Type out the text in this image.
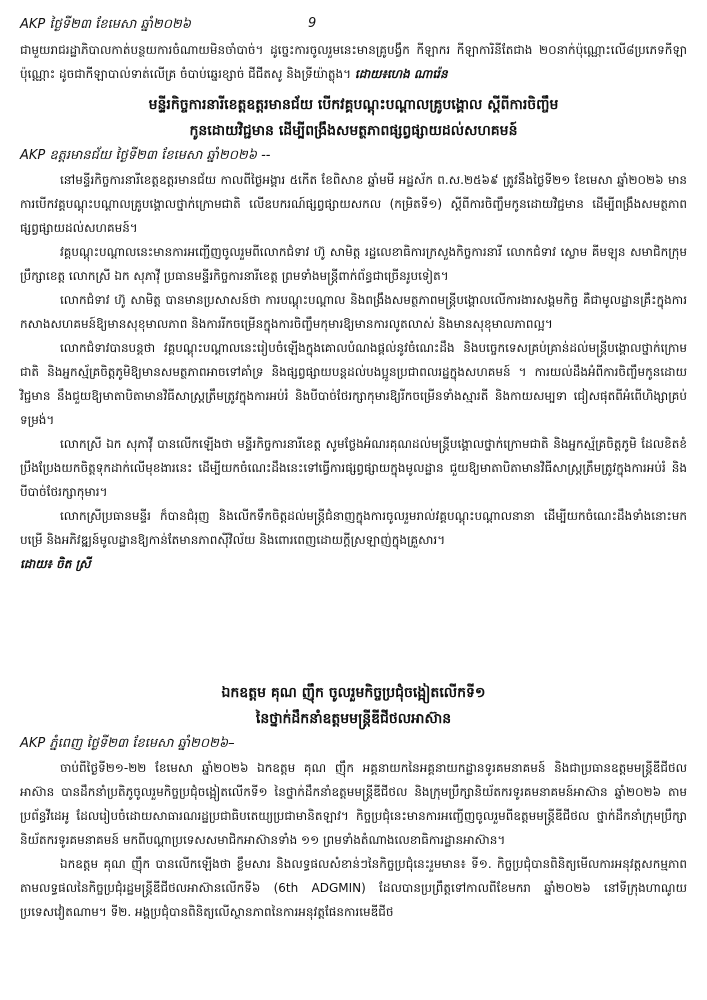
AKP ថ្ងៃទី២៣ ខែមេសា ឆ្នាំ២០២៦	9

ជាមួយរាជរដ្ឋាភិបាលកាត់បន្ថយការចំណាយមិនចាំបាច់។ ដូច្នេះការចូលរួមនេះមានគ្រូបង្វឹក កីឡាករ កីឡាការិនីតែជាង ២០នាក់ប៉ុណ្ណោះលើ៨ប្រភេទកីឡាប៉ុណ្ណោះ ដូចជាកីឡាបាល់ទាត់លើគ្រ ចំបាប់ឆ្នេរខ្សាច់ ជីជីតសូ និងទ្រីយ៉ាត្លុង។ ដោយ៖ហេង ណារ៉េន

មន្ទីរកិច្ចការនារីខេត្តឧត្តរមានជ័យ បើកវគ្គបណ្តុះបណ្តាលគ្រូបង្គោល ស្តីពីការចិញ្ចឹម
កូនដោយវិជ្ជមាន ដើម្បីពង្រឹងសមត្ថភាពផ្សព្វផ្សាយដល់សហគមន៍
AKP ឧត្តរមានជ័យ ថ្ងៃទី២៣ ខែមេសា ឆ្នាំ២០២៦ --

នៅមន្ទីរកិច្ចការនារីខេត្តឧត្តរមានជ័យ កាលពីថ្ងៃអង្គារ ៥កើត ខែពិសាខ ឆ្នាំមមី អដ្ឋស័ក ព.ស.២៥៦៩ ត្រូវនឹងថ្ងៃទី២១ ខែមេសា ឆ្នាំ២០២៦ មានការបើកវគ្គបណ្តុះបណ្តាលគ្រូបង្គោលថ្នាក់ក្រោមជាតិ លើឧបករណ៍ផ្សព្វផ្សាយសកល (កម្រិតទី១) ស្តីពីការចិញ្ចឹមកូនដោយវិជ្ជមាន ដើម្បីពង្រឹងសមត្ថភាពផ្សព្វផ្សាយដល់សហគមន៍។

វគ្គបណ្តុះបណ្តាលនេះមានការអញ្ជើញចូលរួមពីលោកជំទាវ ហ៊ូ សាមិត្ត រដ្ឋលេខាធិការក្រសួងកិច្ចការនារី លោកជំទាវ ស្លោម គីមឡុន សមាជិកក្រុមប្រឹក្សាខេត្ត លោកស្រី ឯក សុភាវ៉ី ប្រធានមន្ទីរកិច្ចការនារីខេត្ត ព្រមទាំងមន្ត្រីពាក់ព័ន្ធជាច្រើនរូបទៀត។

លោកជំទាវ ហ៊ូ សាមិត្ត បានមានប្រសាសន៍ថា ការបណ្តុះបណ្តាល និងពង្រឹងសមត្ថភាពមន្ត្រីបង្គោលលើការងារសង្គមកិច្ច គឺជាមូលដ្ឋានគ្រឹះក្នុងការកសាងសហគមន៍ឱ្យមានសុខុមាលភាព និងការរីកចម្រើនក្នុងការចិញ្ចឹមកុមារឱ្យមានការលូតលាស់ និងមានសុខុមាលភាពល្អ។

លោកជំទាវបានបន្តថា វគ្គបណ្តុះបណ្តាលនេះរៀបចំឡើងក្នុងគោលបំណងផ្តល់នូវចំណេះដឹង និងបច្ចេកទេសគ្រប់គ្រាន់ដល់មន្ត្រីបង្គោលថ្នាក់ក្រោមជាតិ និងអ្នកស្ម័គ្រចិត្តភូមិឱ្យមានសមត្ថភាពអាចទៅគាំទ្រ និងផ្សព្វផ្សាយបន្តដល់បងប្អូនប្រជាពលរដ្ឋក្នុងសហគមន៍ ។ ការយល់ដឹងអំពីការចិញ្ចឹមកូនដោយវិជ្ជមាន នឹងជួយឱ្យមាតាបិតាមានវិធីសាស្ត្រត្រឹមត្រូវក្នុងការអប់រំ និងបីបាច់ថែរក្សាកុមារឱ្យរីកចម្រើនទាំងស្មារតី និងកាយសម្បទា ជៀសផុតពីអំពើហិង្សាគ្រប់ទម្រង់។

លោកស្រី ឯក សុភាវ៉ី បានលើកឡើងថា មន្ទីរកិច្ចការនារីខេត្ត សូមថ្លែងអំណរគុណដល់មន្ត្រីបង្គោលថ្នាក់ក្រោមជាតិ និងអ្នកស្ម័គ្រចិត្តភូមិ ដែលខិតខំប្រឹងប្រែងយកចិត្តទុកដាក់លើមុខងារនេះ ដើម្បីយកចំណេះដឹងនេះទៅធ្វើការផ្សព្វផ្សាយក្នុងមូលដ្ឋាន ជួយឱ្យមាតាបិតាមានវិធីសាស្ត្រត្រឹមត្រូវក្នុងការអប់រំ និងបីបាច់ថែរក្សាកុមារ។

លោកស្រីប្រធានមន្ទីរ ក៏បានជំរុញ និងលើកទឹកចិត្តដល់មន្ត្រីជំនាញក្នុងការចូលរួមរាល់វគ្គបណ្តុះបណ្តាលនានា ដើម្បីយកចំណេះដឹងទាំងនោះមកបម្រើ និងអភិវឌ្ឍន៍មូលដ្ឋានឱ្យកាន់តែមានភាពស៊ីវិល័យ និងពោរពេញដោយក្តីស្រឡាញ់ក្នុងគ្រួសារ។

ដោយ៖ ចិត ស្រី
ឯកឧត្តម គុណ ញ៉ឹក ចូលរួមកិច្ចប្រជុំចង្អៀតលើកទី១
នៃថ្នាក់ដឹកនាំឧត្តមមន្ត្រីឌីជីថលអាស៊ាន
AKP ភ្នំពេញ ថ្ងៃទី២៣ ខែមេសា ឆ្នាំ២០២៦–

ចាប់ពីថ្ងៃទី២១-២២ ខែមេសា ឆ្នាំ២០២៦ ឯកឧត្តម គុណ ញ៉ឹក អគ្គនាយកនៃអគ្គនាយកដ្ឋានទូរគមនាគមន៍ និងជាប្រធានឧត្តមមន្ត្រីឌីជីថលអាស៊ាន បានដឹកនាំប្រតិភូចូលរួមកិច្ចប្រជុំចង្អៀតលើកទី១ នៃថ្នាក់ដឹកនាំឧត្តមមន្ត្រីឌីជីថល និងក្រុមប្រឹក្សានិយ័តករទូរគមនាគមន៍អាស៊ាន ឆ្នាំ២០២៦ តាមប្រព័ន្ធវីដេអូ ដែលរៀបចំដោយសាធារណរដ្ឋប្រជាធិបតេយ្យប្រជាមានិតឡាវ។ កិច្ចប្រជុំនេះមានការអញ្ជើញចូលរួមពីឧត្តមមន្ត្រីឌីជីថល ថ្នាក់ដឹកនាំក្រុមប្រឹក្សានិយ័តករទូរគមនាគមន៍ មកពីបណ្តាប្រទេសសមាជិកអាស៊ានទាំង ១១ ព្រមទាំងតំណាងលេខាធិការដ្ឋានអាស៊ាន។

ឯកឧត្តម គុណ ញ៉ឹក បានលើកឡើងថា ខ្លឹមសារ និងលទ្ធផលសំខាន់ៗនៃកិច្ចប្រជុំនេះរួមមាន៖ ទី១. កិច្ចប្រជុំបានពិនិត្យមើលការអនុវត្តសកម្មភាពតាមលទ្ធផលនៃកិច្ចប្រជុំរដ្ឋមន្ត្រីឌីជីថលអាស៊ានលើកទី៦ (6th ADGMIN) ដែលបានប្រព្រឹត្តទៅកាលពីខែមករា ឆ្នាំ២០២៦ នៅទីក្រុងហាណូយ ប្រទេសវៀតណាម។ ទី២. អង្គប្រជុំបានពិនិត្យលើស្ថានភាពនៃការអនុវត្តផែនការមេឌីជីថ
